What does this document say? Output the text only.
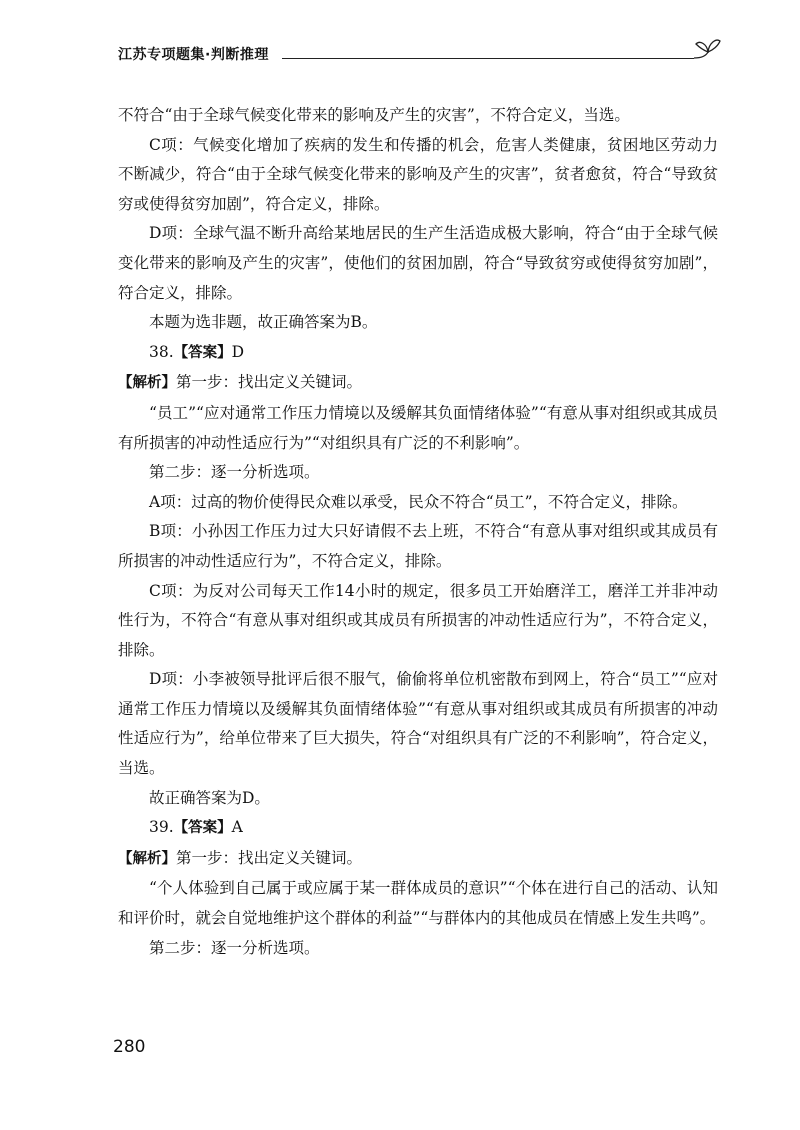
江苏专项题集·判断推理

不符合“由于全球气候变化带来的影响及产生的灾害”，不符合定义，当选。

C项：气候变化增加了疾病的发生和传播的机会，危害人类健康，贫困地区劳动力不断减少，符合“由于全球气候变化带来的影响及产生的灾害”，贫者愈贫，符合“导致贫穷或使得贫穷加剧”，符合定义，排除。

D项：全球气温不断升高给某地居民的生产生活造成极大影响，符合“由于全球气候变化带来的影响及产生的灾害”，使他们的贫困加剧，符合“导致贫穷或使得贫穷加剧”，符合定义，排除。

本题为选非题，故正确答案为B。

38.【答案】D

【解析】第一步：找出定义关键词。

“员工”“应对通常工作压力情境以及缓解其负面情绪体验”“有意从事对组织或其成员有所损害的冲动性适应行为”“对组织具有广泛的不利影响”。

第二步：逐一分析选项。

A项：过高的物价使得民众难以承受，民众不符合“员工”，不符合定义，排除。

B项：小孙因工作压力过大只好请假不去上班，不符合“有意从事对组织或其成员有所损害的冲动性适应行为”，不符合定义，排除。

C项：为反对公司每天工作14小时的规定，很多员工开始磨洋工，磨洋工并非冲动性行为，不符合“有意从事对组织或其成员有所损害的冲动性适应行为”，不符合定义，排除。

D项：小李被领导批评后很不服气，偷偷将单位机密散布到网上，符合“员工”“应对通常工作压力情境以及缓解其负面情绪体验”“有意从事对组织或其成员有所损害的冲动性适应行为”，给单位带来了巨大损失，符合“对组织具有广泛的不利影响”，符合定义，当选。

故正确答案为D。

39.【答案】A

【解析】第一步：找出定义关键词。

“个人体验到自己属于或应属于某一群体成员的意识”“个体在进行自己的活动、认知和评价时，就会自觉地维护这个群体的利益”“与群体内的其他成员在情感上发生共鸣”。

第二步：逐一分析选项。

280
